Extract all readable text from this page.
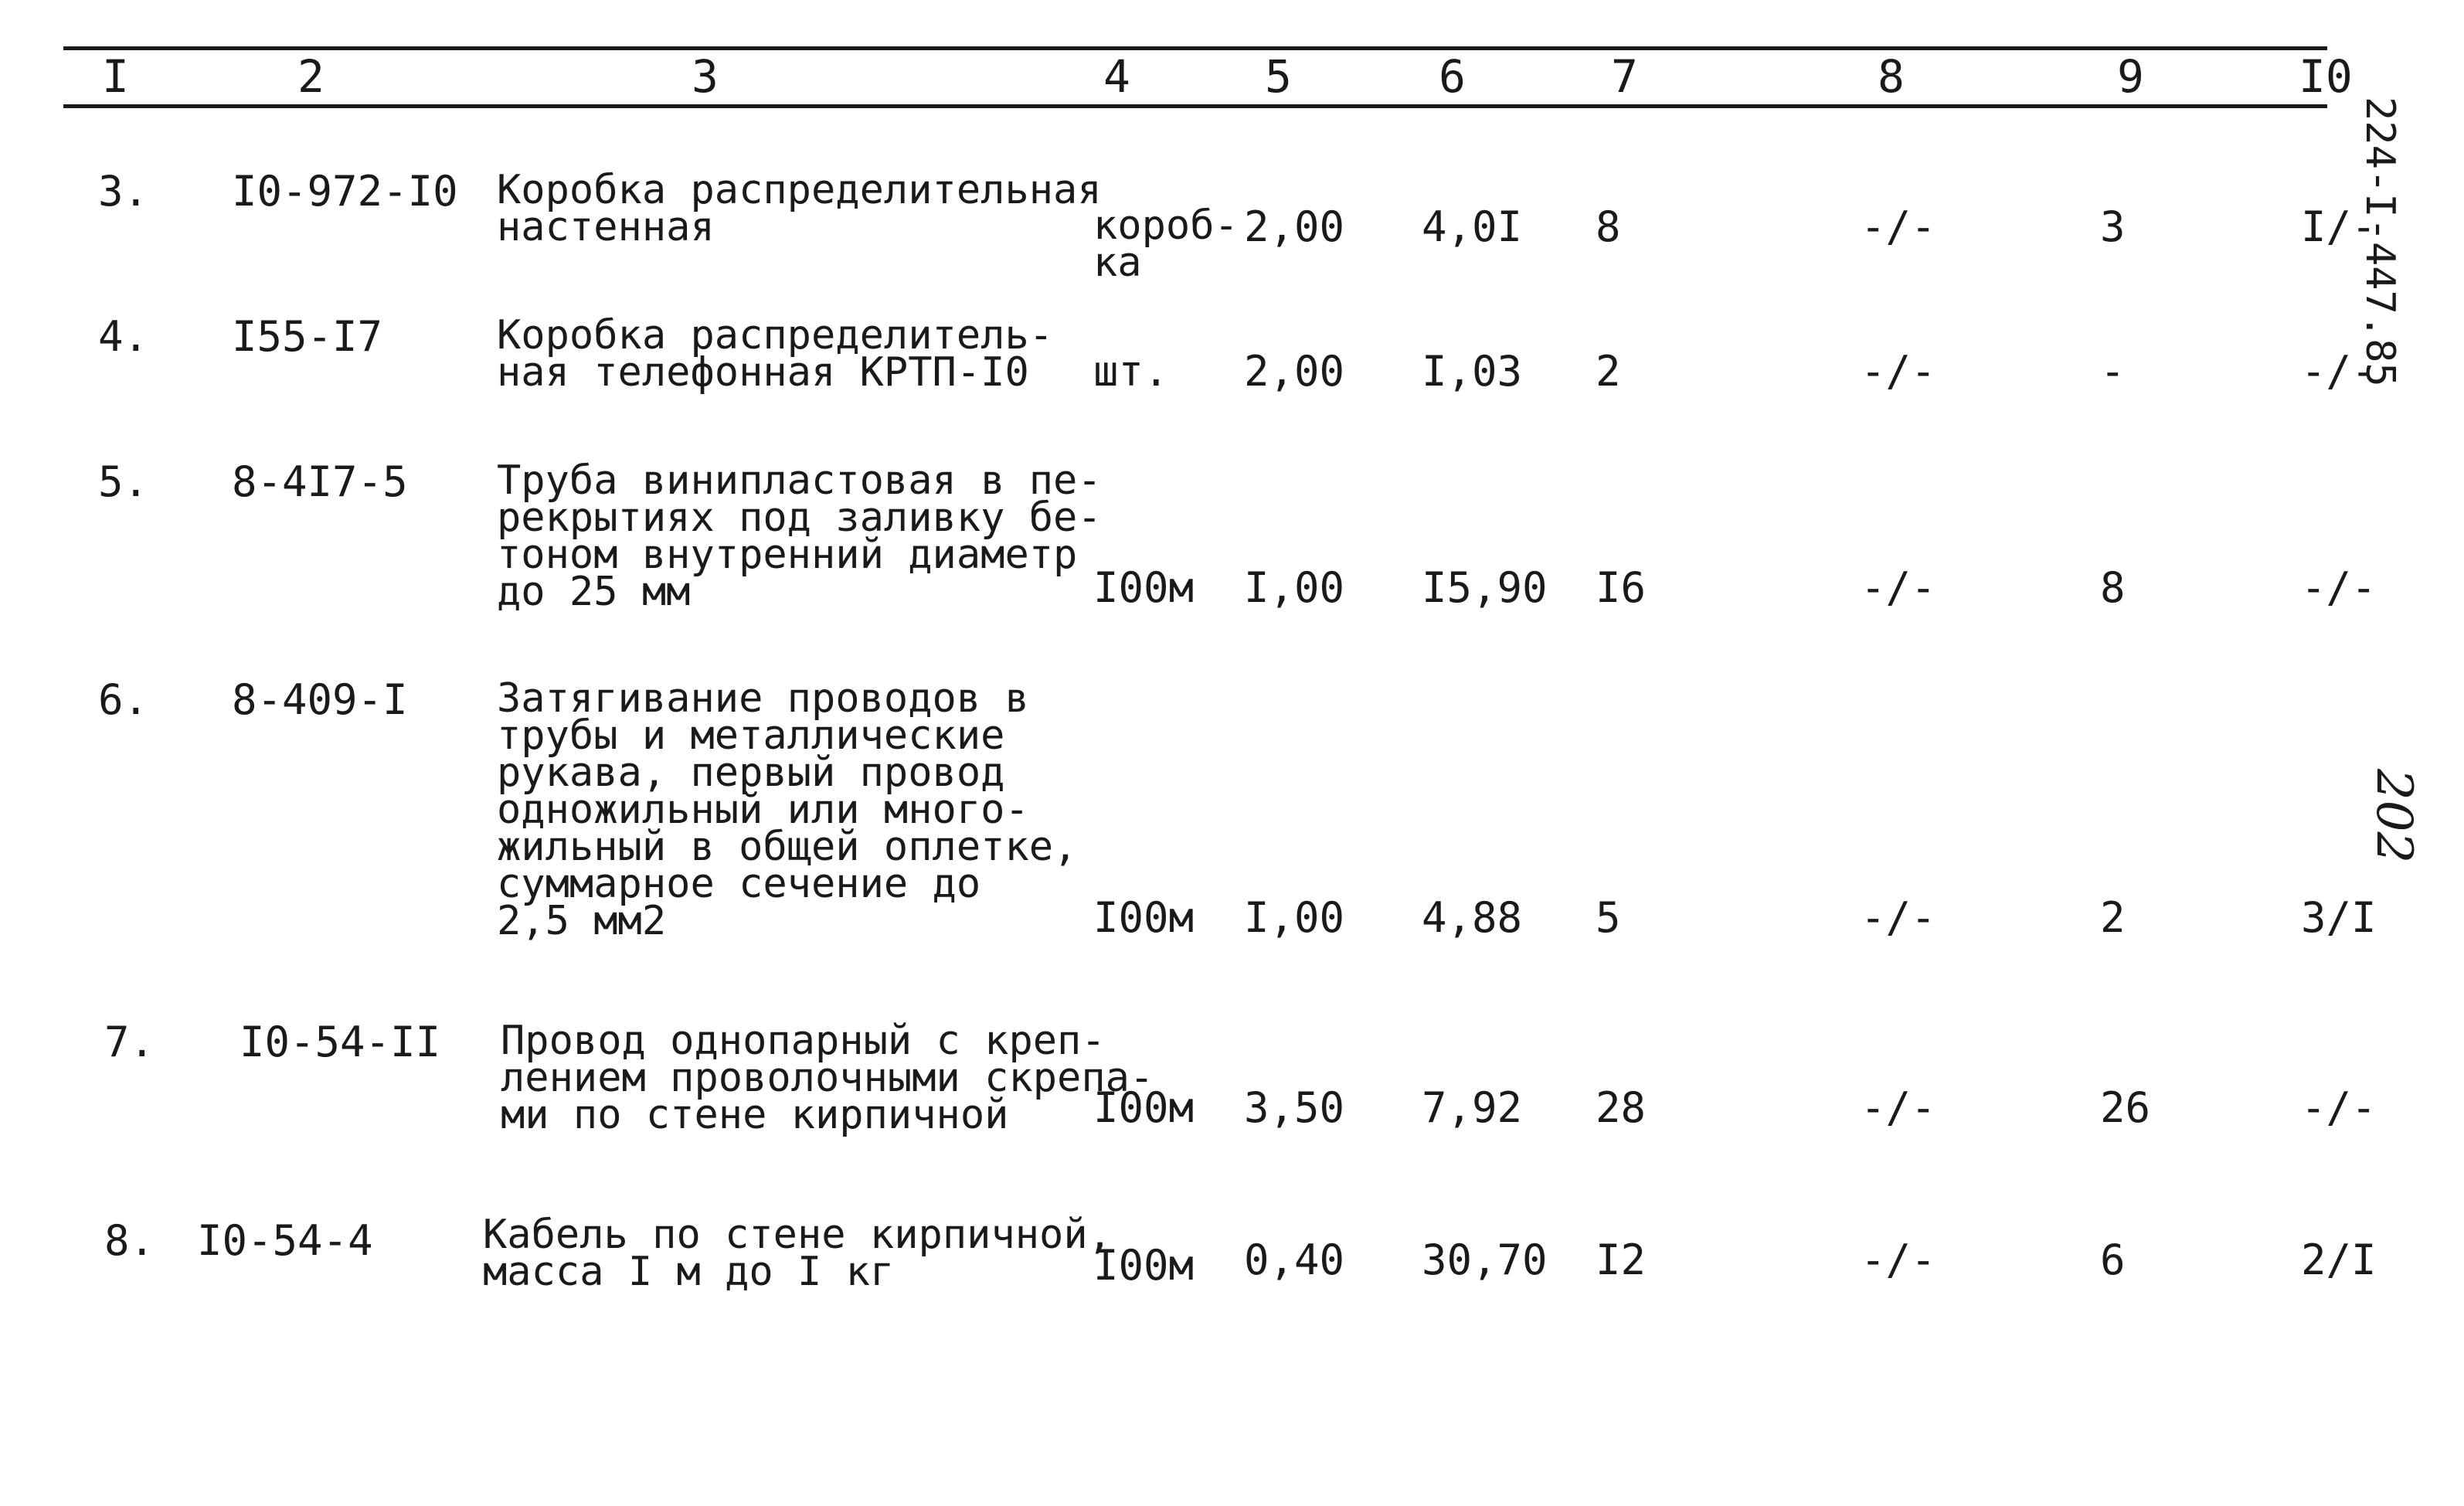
I	2	3	4	5	6	7	8	9	I0
3. I0-972-I0 Коробка распределительная
настенная	короб-
ка
2,00 4,0I 8	-/-	3	I/-
4. I55-I7	Коробка распределитель-
ная телефонная КРТП-I0	шт. 2,00 I,03 2	-/-	-	-/-
5. 8-4I7-5 Труба винипластовая в пе-
рекрытиях под заливку бе-
тоном внутренний диаметр
до 25 мм	I00м I,00 I5,90 I6	-/-	8	-/-
6. 8-409-I Затягивание проводов в
трубы и металлические
рукава, первый провод
одножильный или много-
жильный в общей оплетке,
суммарное сечение до
2,5 мм2	I00м I,00 4,88 5	-/-	2	3/I
7. I0-54-II Провод однопарный с креп-
лением проволочными скрепа-
ми по стене кирпичной	I00м 3,50 7,92 28	-/-	26	-/-
8. I0-54-4	Кабель по стене кирпичной,
масса I м до I кг	I00м 0,40 30,70 I2	-/-	6	2/I
224-I-447.85
202
